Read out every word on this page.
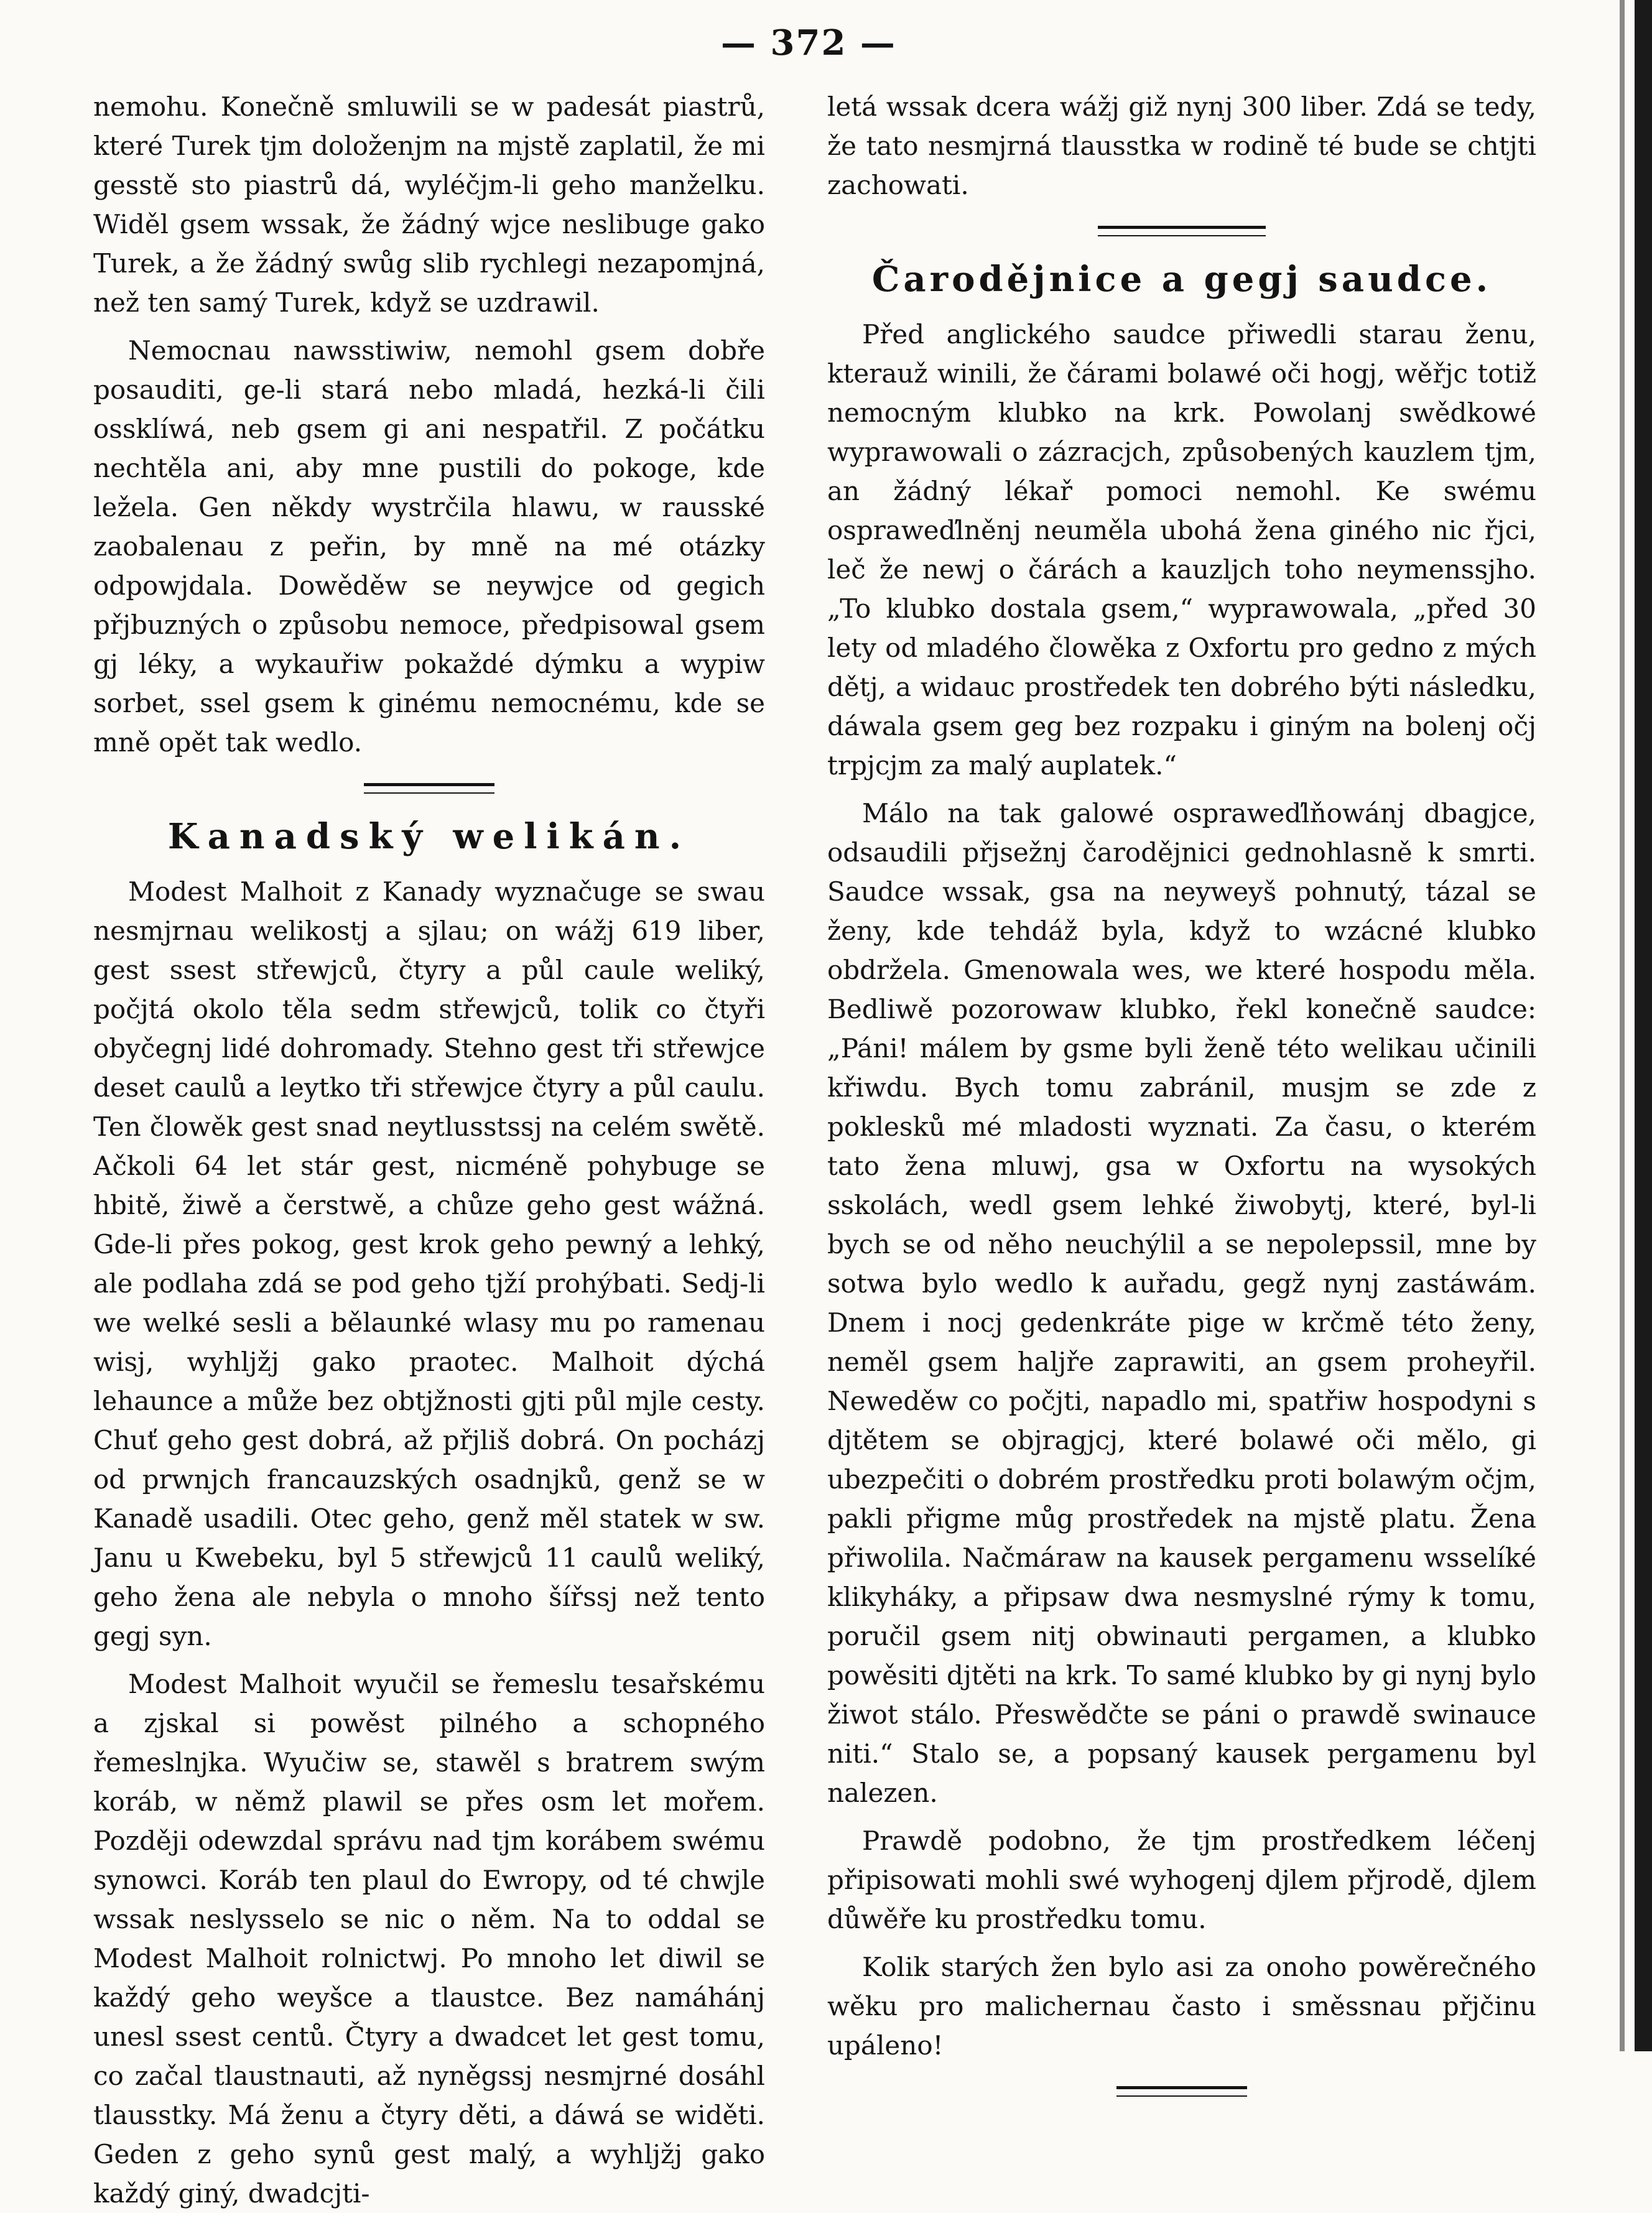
— 372 —

nemohu. Konečně smluwili se w padesát piastrů, které Turek tjm doloženjm na mjstě zaplatil, že mi gesstě sto piastrů dá, wyléčjm-li geho manželku. Widěl gsem wssak, že žádný wjce neslibuge gako Turek, a že žádný swůg slib rychlegi nezapomjná, než ten samý Turek, když se uzdrawil.

Nemocnau nawsstiwiw, nemohl gsem dobře posauditi, ge-li stará nebo mladá, hezká-li čili ossklíwá, neb gsem gi ani nespatřil. Z počátku nechtěla ani, aby mne pustili do pokoge, kde ležela. Gen někdy wystrčila hlawu, w rausské zaobalenau z peřin, by mně na mé otázky odpowjdala. Dowěděw se neywjce od gegich přjbuzných o způsobu nemoce, předpisowal gsem gj léky, a wykauřiw pokaždé dýmku a wypiw sorbet, ssel gsem k ginému nemocnému, kde se mně opět tak wedlo.

Kanadský welikán.

Modest Malhoit z Kanady wyznačuge se swau nesmjrnau welikostj a sjlau; on wážj 619 liber, gest ssest střewjců, čtyry a půl caule weliký, počjtá okolo těla sedm střewjců, tolik co čtyři obyčegnj lidé dohromady. Stehno gest tři střewjce deset caulů a leytko tři střewjce čtyry a půl caulu. Ten člowěk gest snad neytlusstssj na celém swětě. Ačkoli 64 let stár gest, nicméně pohybuge se hbitě, žiwě a čerstwě, a chůze geho gest wážná. Gde-li přes pokog, gest krok geho pewný a lehký, ale podlaha zdá se pod geho tjží prohýbati. Sedj-li we welké sesli a bělaunké wlasy mu po ramenau wisj, wyhljžj gako praotec. Malhoit dýchá lehaunce a může bez obtjžnosti gjti půl mjle cesty. Chuť geho gest dobrá, až přjliš dobrá. On pocházj od prwnjch francauzských osadnjků, genž se w Kanadě usadili. Otec geho, genž měl statek w sw. Janu u Kwebeku, byl 5 střewjců 11 caulů weliký, geho žena ale nebyla o mnoho šířssj než tento gegj syn.

Modest Malhoit wyučil se řemeslu tesařskému a zjskal si powěst pilného a schopného řemeslnjka. Wyučiw se, stawěl s bratrem swým koráb, w němž plawil se přes osm let mořem. Později odewzdal správu nad tjm korábem swému synowci. Koráb ten plaul do Ewropy, od té chwjle wssak neslysselo se nic o něm. Na to oddal se Modest Malhoit rolnictwj. Po mnoho let diwil se každý geho weyšce a tlaustce. Bez namáhánj unesl ssest centů. Čtyry a dwadcet let gest tomu, co začal tlaustnauti, až nyněgssj nesmjrné dosáhl tlausstky. Má ženu a čtyry děti, a dáwá se widěti. Geden z geho synů gest malý, a wyhljžj gako každý giný, dwadcjti-

letá wssak dcera wážj giž nynj 300 liber. Zdá se tedy, že tato nesmjrná tlausstka w rodině té bude se chtjti zachowati.

Čarodějnice a gegj saudce.

Před anglického saudce přiwedli starau ženu, kterauž winili, že čárami bolawé oči hogj, wěřjc totiž nemocným klubko na krk. Powolanj swědkowé wyprawowali o zázracjch, způsobených kauzlem tjm, an žádný lékař pomoci nemohl. Ke swému ospraweďlněnj neuměla ubohá žena giného nic řjci, leč že newj o čárách a kauzljch toho neymenssjho. „To klubko dostala gsem,“ wyprawowala, „před 30 lety od mladého člowěka z Oxfortu pro gedno z mých dětj, a widauc prostředek ten dobrého býti následku, dáwala gsem geg bez rozpaku i giným na bolenj očj trpjcjm za malý auplatek.“

Málo na tak galowé ospraweďlňowánj dbagjce, odsaudili přjsežnj čarodějnici gednohlasně k smrti. Saudce wssak, gsa na neyweyš pohnutý, tázal se ženy, kde tehdáž byla, když to wzácné klubko obdržela. Gmenowala wes, we které hospodu měla. Bedliwě pozorowaw klubko, řekl konečně saudce: „Páni! málem by gsme byli ženě této welikau učinili křiwdu. Bych tomu zabránil, musjm se zde z poklesků mé mladosti wyznati. Za času, o kterém tato žena mluwj, gsa w Oxfortu na wysokých sskolách, wedl gsem lehké žiwobytj, které, byl-li bych se od něho neuchýlil a se nepolepssil, mne by sotwa bylo wedlo k auřadu, gegž nynj zastáwám. Dnem i nocj gedenkráte pige w krčmě této ženy, neměl gsem haljře zaprawiti, an gsem proheyřil. Neweděw co počjti, napadlo mi, spatřiw hospodyni s djtětem se objragjcj, které bolawé oči mělo, gi ubezpečiti o dobrém prostředku proti bolawým očjm, pakli přigme můg prostředek na mjstě platu. Žena přiwolila. Načmáraw na kausek pergamenu wsselíké klikyháky, a připsaw dwa nesmyslné rýmy k tomu, poručil gsem nitj obwinauti pergamen, a klubko powěsiti djtěti na krk. To samé klubko by gi nynj bylo žiwot stálo. Přeswědčte se páni o prawdě swinauce niti.“ Stalo se, a popsaný kausek pergamenu byl nalezen.

Prawdě podobno, že tjm prostředkem léčenj připisowati mohli swé wyhogenj djlem přjrodě, djlem důwěře ku prostředku tomu.

Kolik starých žen bylo asi za onoho powěrečného wěku pro malichernau často i směssnau přjčinu upáleno!
